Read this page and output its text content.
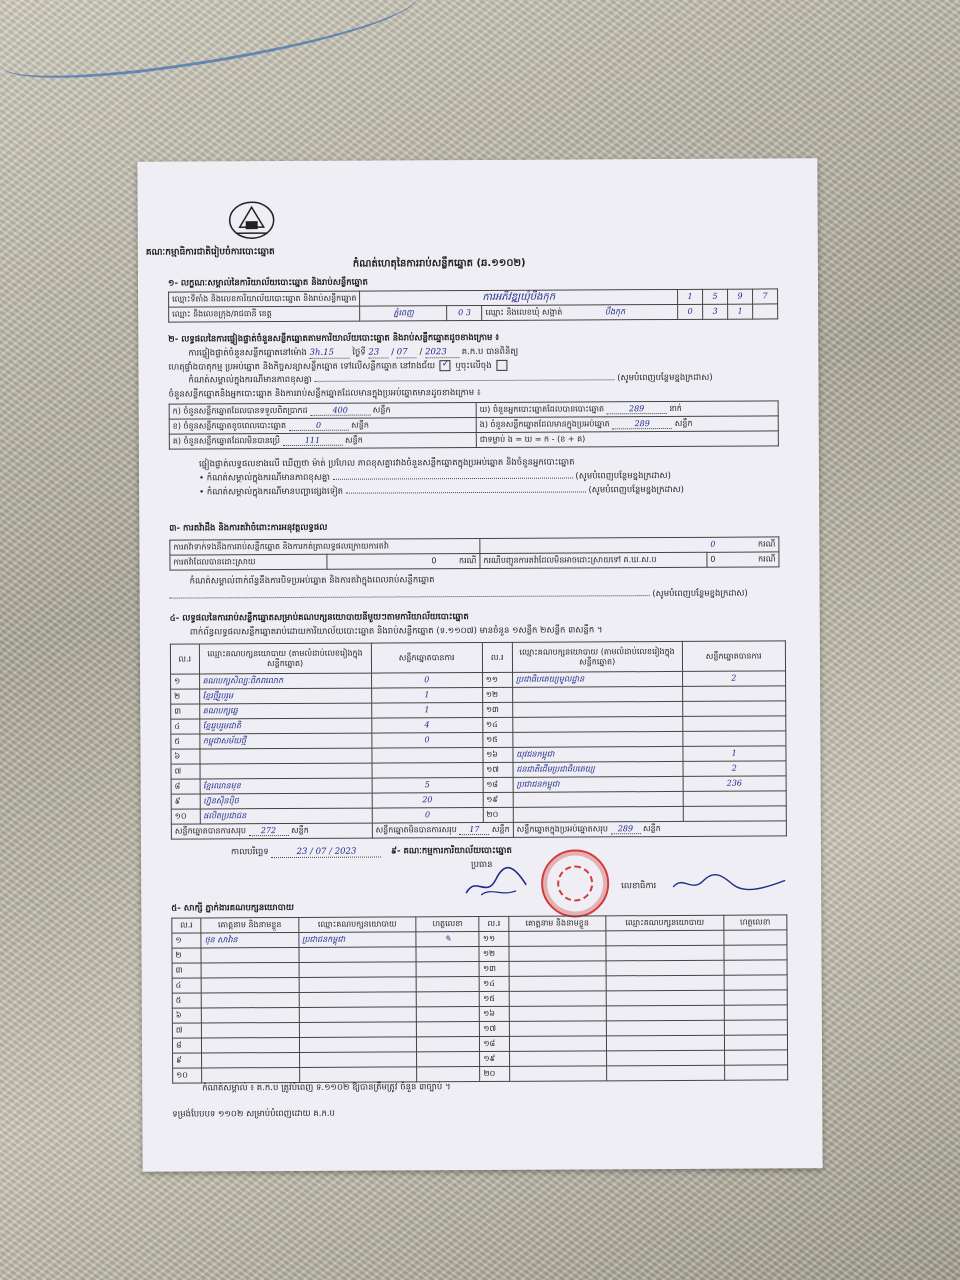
គណៈកម្មាធិការជាតិរៀបចំការបោះឆ្នោត
កំណត់ហេតុនៃការរាប់សន្លឹកឆ្នោត (ឆ.១១០២)
១- លក្ខណៈសម្គាល់នៃការិយាល័យបោះឆ្នោត និងរាប់សន្លឹកឆ្នោត
ឈ្មោះទីតាំង និងលេខការិយាល័យបោះឆ្នោត និងរាប់សន្លឹកឆ្នោត	ការអភិវឌ្ឍឃុំបឹងកុក			1	5	9	7
ឈ្មោះ និងលេខក្រុង/រាជធានី ខេត្ត	ភ្នំពេញ	0 3	ឈ្មោះ និងលេខឃុំ សង្កាត់ បឹងកុក	0	3	1	
២- លទ្ធផលនៃការផ្ទៀងផ្ទាត់ចំនួនសន្លឹកឆ្នោតតាមការិយាល័យបោះឆ្នោត និងរាប់សន្លឹកឆ្នោតដូចខាងក្រោម ៖
ការផ្ទៀងផ្ទាត់ចំនួនសន្លឹកឆ្នោតនៅម៉ោង 3h.15 ថ្ងៃទី 23 / 07 / 2023 គ.ក.ប បានពិនិត្យ
ហេតុផ្ទាំងបាតុកម្ម ប្រអប់ឆ្នោត និងកិច្ចសន្យាសន្លឹកឆ្នោត ទៅលើសន្លឹកឆ្នោត នៅរាងជ័យ ✓ ឬចុះលើចុង
កំណត់សម្គាល់ក្នុងករណីមានភាពខុសគ្នា	(សូមបំពេញបន្ថែមខ្នងក្រដាស)
ចំនួនសន្លឹកឆ្នោតនិងអ្នកបោះឆ្នោត និងការរាប់សន្លឹកឆ្នោតដែលមានក្នុងប្រអប់ឆ្នោតមានដូចខាងក្រោម ៖
ក) ចំនួនសន្លឹកឆ្នោតដែលបានទទួលពិតប្រាកដ 400 សន្លឹក	ឃ) ចំនួនអ្នកបោះឆ្នោតដែលបានបោះឆ្នោត 289 នាក់
ខ) ចំនួនសន្លឹកឆ្នោតខូចពេលបោះឆ្នោត 0 សន្លឹក	ង) ចំនួនសន្លឹកឆ្នោតដែលមានក្នុងប្រអប់ឆ្នោត 289 សន្លឹក
គ) ចំនួនសន្លឹកឆ្នោតដែលមិនបានប្រើ 111 សន្លឹក	ជាទម្លាប់ ង = ឃ = ក - (ខ + គ)
ផ្ទៀងផ្ទាត់លទ្ធផលខាងលើ ឃើញថា ម៉ាត់ ប្រហែល ភាពខុសគ្នារវាងចំនួនសន្លឹកឆ្នោតក្នុងប្រអប់ឆ្នោត និងចំនួនអ្នកបោះឆ្នោត
• កំណត់សម្គាល់ក្នុងករណីមានភាពខុសគ្នា	(សូមបំពេញបន្ថែមខ្នងក្រដាស)
• កំណត់សម្គាល់ក្នុងករណីមានបញ្ហាផ្សេងទៀត	(សូមបំពេញបន្ថែមខ្នងក្រដាស)
៣- ការតវ៉ាដឹង និងការតវ៉ាចំពោះការអនុវត្តលទ្ធផល
ការតវ៉ាទាក់ទងនឹងការរាប់សន្លឹកឆ្នោត និងការកត់ត្រាលទ្ធផលក្រោយការតវ៉ា		0 ករណី	
ការតវ៉ាដែលបានដោះស្រាយ	0 ករណី	ករណីបញ្ជូនការតវ៉ាដែលមិនអាចដោះស្រាយទៅ គ.ឃ.ស.ប	0 ករណី
កំណត់សម្គាល់ពាក់ព័ន្ធនឹងការបិទប្រអប់ឆ្នោត និងការតវ៉ាក្នុងពេលរាប់សន្លឹកឆ្នោត
(សូមបំពេញបន្ថែមខ្នងក្រដាស)
៤- លទ្ធផលនៃការរាប់សន្លឹកឆ្នោតសម្រាប់គណបក្សនយោបាយនីមួយៗតាមការិយាល័យបោះឆ្នោត
ពាក់ព័ន្ធលទ្ធផលសន្លឹកឆ្នោតរាប់ដោយការិយាល័យបោះឆ្នោត និងរាប់សន្លឹកឆ្នោត (ទ.១១០៧) មានចំនួន ១សន្លឹក ២សន្លឹក ៣សន្លឹក ។
ល.រ	ឈ្មោះគណបក្សនយោបាយ (តាមលំដាប់លេខរៀងក្នុងសន្លឹកឆ្នោត)	សន្លឹកឆ្នោតបានការ	ល.រ	ឈ្មោះគណបក្សនយោបាយ (តាមលំដាប់លេខរៀងក្នុងសន្លឹកឆ្នោត)	សន្លឹកឆ្នោតបានការ
១	គណបក្សសិល្បៈពិភពលោក	0	១១	ប្រជាធិបតេយ្យមូលដ្ឋាន	2
២	ខ្មែរថ្មីរួបរួម	1	១២		
៣	គណបក្សឆ្លេ	1	១៣		
៤	ខ្មែររួបរួមជាតិ	4	១៤		
៥	កម្ពុជាសម័យថ្មី	0	១៥		
៦			១៦	យុវជនកម្ពុជា	1
៧			១៧	ជនជាតិដើមប្រជាធិបតេយ្យ	2
៨	ខ្មែរឈានមុខ	5	១៨	ប្រជាជនកម្ពុជា	236
៩	ហ្វ៊ុនស៊ិនប៉ិច	20	១៩		
១០	ផលិតប្រជាជន	0	២០		
សន្លឹកឆ្នោតបានការសរុប 272 សន្លឹក		សន្លឹកឆ្នោតមិនបានការសរុប 17 សន្លឹក		សន្លឹកឆ្នោតក្នុងប្រអប់ឆ្នោតសរុប 289 សន្លឹក	
កាលបរិច្ឆេទ	23 / 07 / 2023	៩- គណៈកម្មការការិយាល័យបោះឆ្នោត
ប្រធាន
លេខាធិការ
៥- សាក្សី ភ្នាក់ងារគណបក្សនយោបាយ
ល.រ	គោត្តនាម និងនាមខ្លួន	ឈ្មោះគណបក្សនយោបាយ	ហត្ថលេខា	ល.រ	គោត្តនាម និងនាមខ្លួន	ឈ្មោះគណបក្សនយោបាយ	ហត្ថលេខា
១	ថុន សាវ៉ាន	ប្រជាជនកម្ពុជា	✎	១១			
២				១២			
៣				១៣			
៤				១៤			
៥				១៥			
៦				១៦			
៧				១៧			
៨				១៨			
៩				១៩			
១០				២០			
កំណត់សម្គាល់ ៖ គ.ក.ប ត្រូវបំពេញ ទ.១១០២ ឱ្យបានត្រឹមត្រូវ ចំនួន ៣ច្បាប់ ។
ទម្រង់បែបបទ ១១០២ សម្រាប់បំពេញដោយ គ.ក.ប
